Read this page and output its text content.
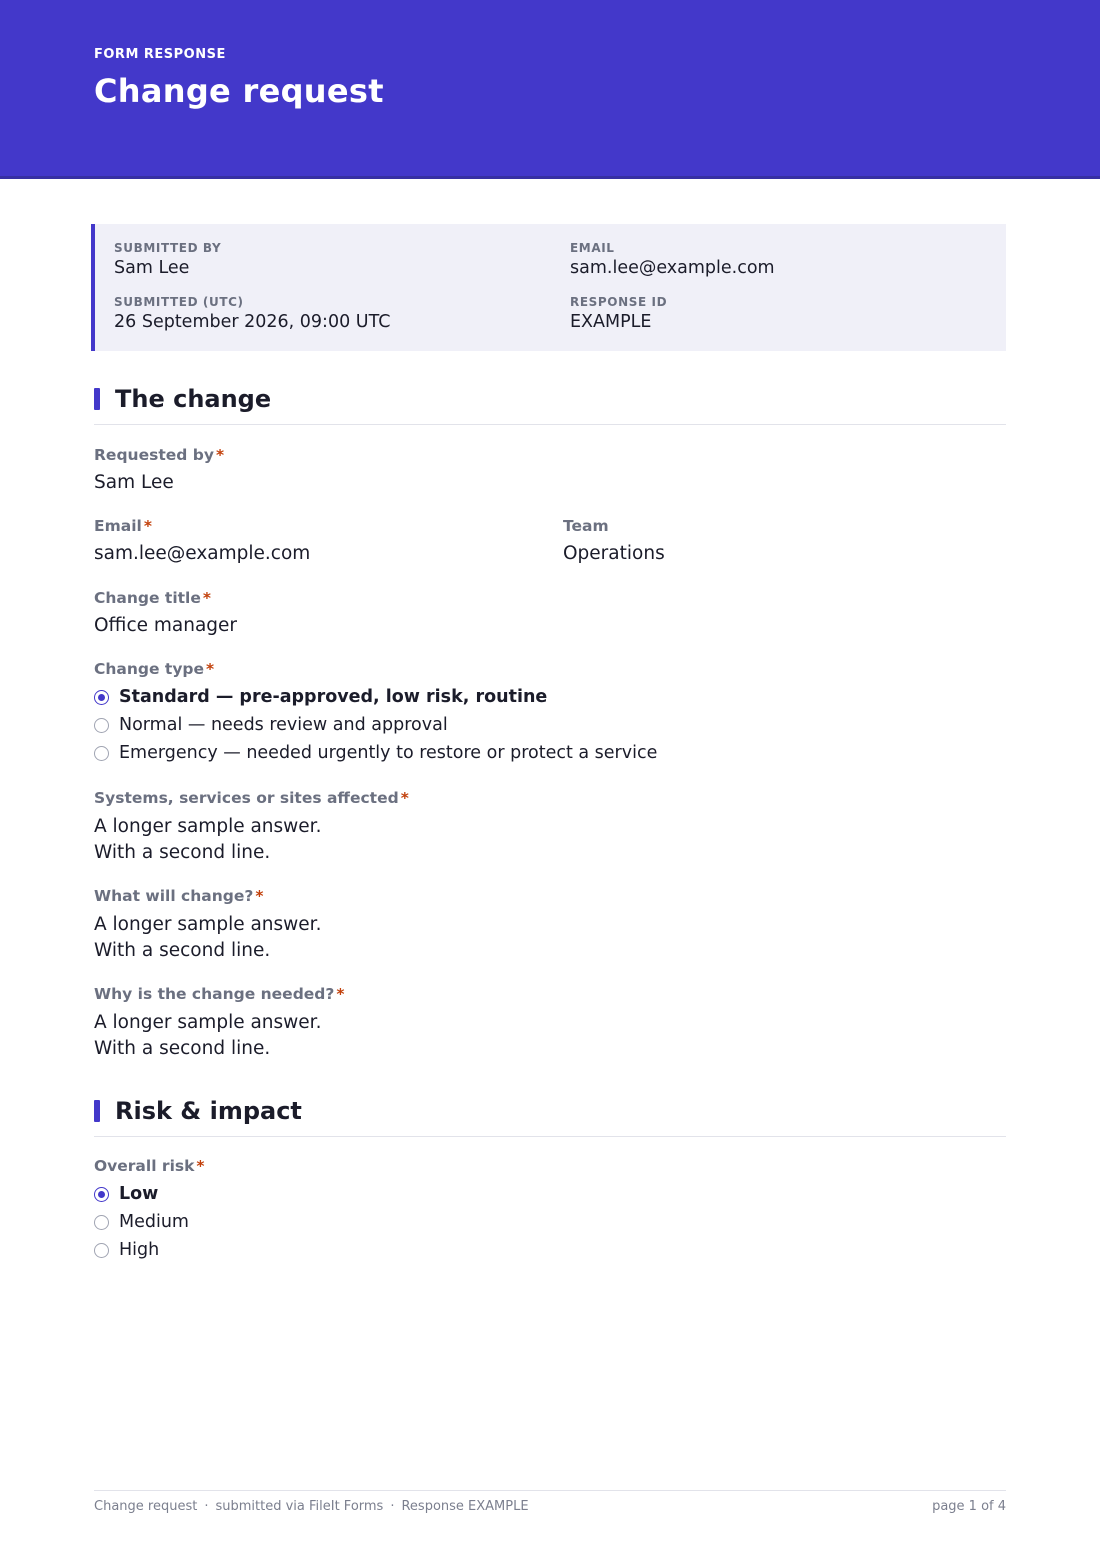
FORM RESPONSE
Change request
SUBMITTED BY
Sam Lee
EMAIL
sam.lee@example.com
SUBMITTED (UTC)
26 September 2026, 09:00 UTC
RESPONSE ID
EXAMPLE
The change
Requested by *
Sam Lee
Email *
sam.lee@example.com
Team
Operations
Change title *
Office manager
Change type *
Standard — pre-approved, low risk, routine
Normal — needs review and approval
Emergency — needed urgently to restore or protect a service
Systems, services or sites affected *
A longer sample answer.
With a second line.
What will change? *
A longer sample answer.
With a second line.
Why is the change needed? *
A longer sample answer.
With a second line.
Risk & impact
Overall risk *
Low
Medium
High
Change request · submitted via FileIt Forms · Response EXAMPLE	page 1 of 4
